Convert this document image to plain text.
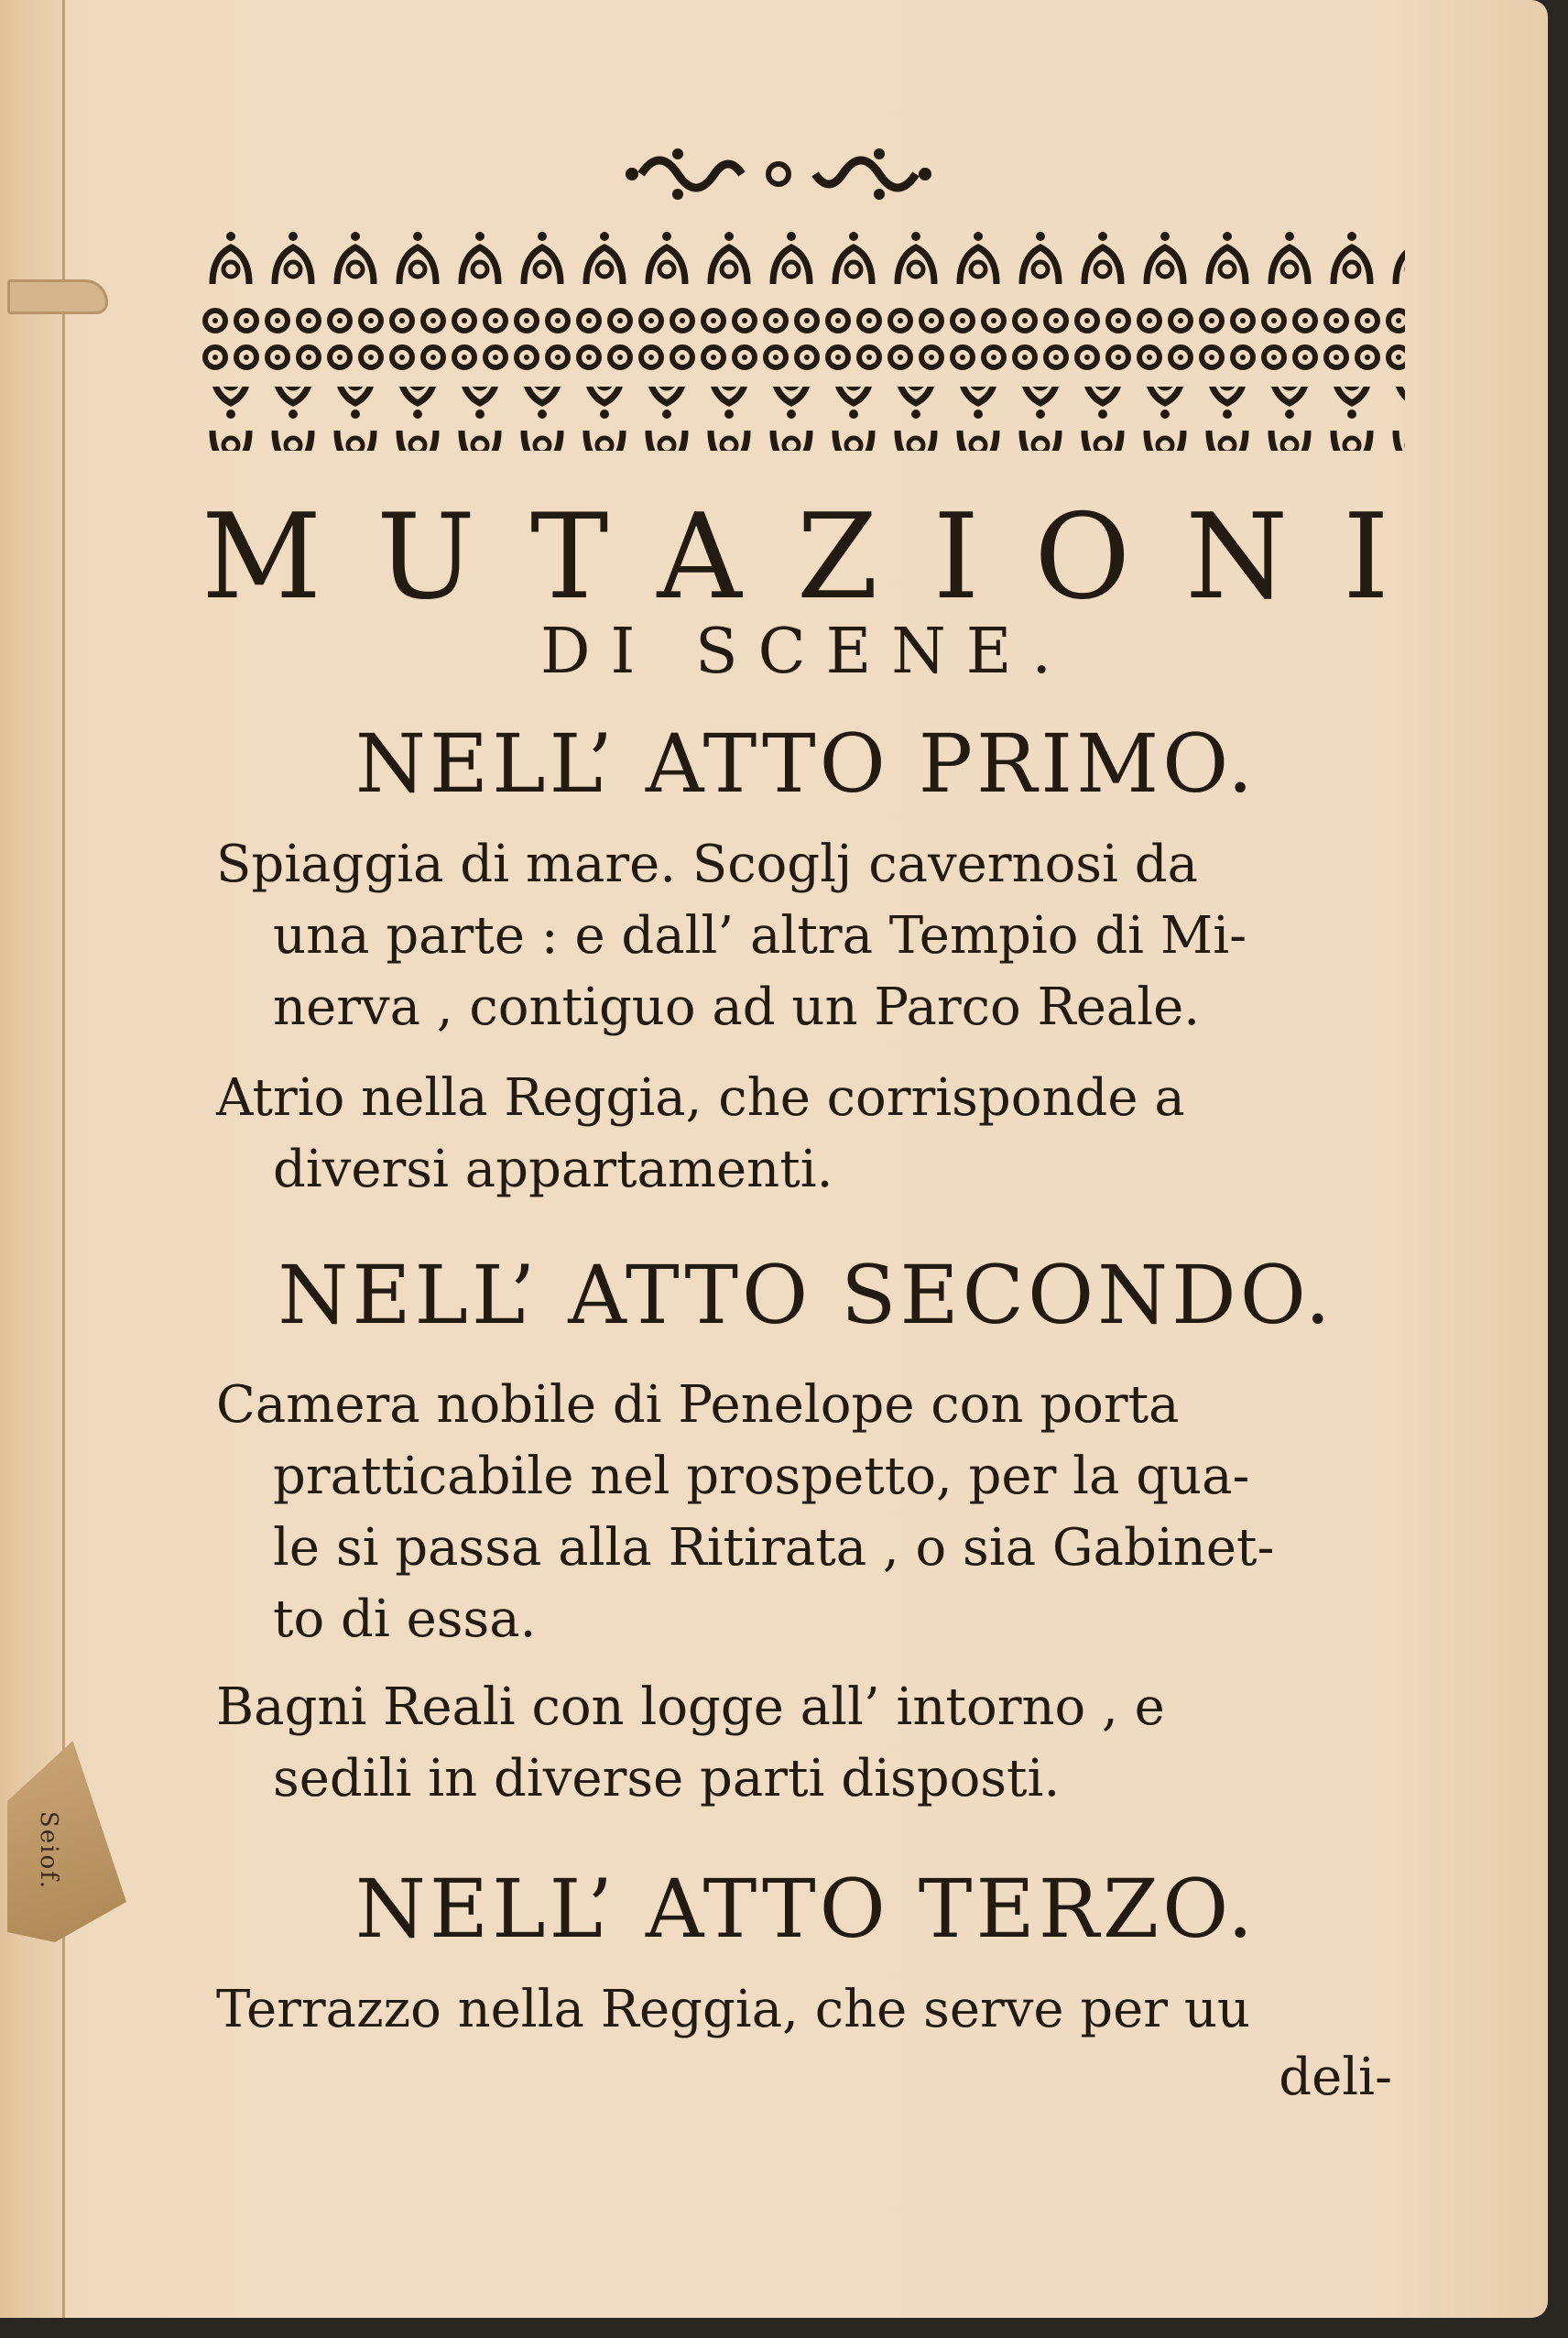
Seiof.
MUTAZIONI
DI SCENE.
NELL’ ATTO PRIMO.
Spiaggia di mare. Scoglj cavernosi da
una parte : e dall’ altra Tempio di Mi-
nerva , contiguo ad un Parco Reale.
Atrio nella Reggia, che corrisponde a
diversi appartamenti.
NELL’ ATTO SECONDO.
Camera nobile di Penelope con porta
pratticabile nel prospetto, per la qua-
le si passa alla Ritirata , o sia Gabinet-
to di essa.
Bagni Reali con logge all’ intorno , e
sedili in diverse parti disposti.
NELL’ ATTO TERZO.
Terrazzo nella Reggia, che serve per uu
deli-
